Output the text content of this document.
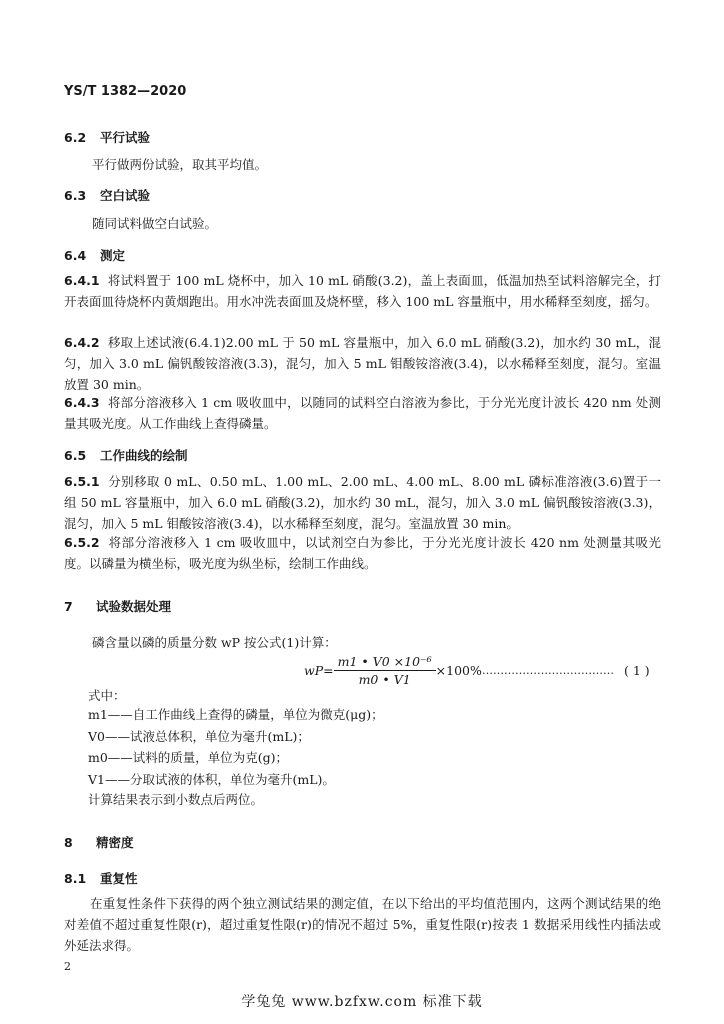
YS/T 1382—2020
6.2 平行试验
平行做两份试验，取其平均值。
6.3 空白试验
随同试料做空白试验。
6.4 测定
6.4.1 将试料置于 100 mL 烧杯中，加入 10 mL 硝酸(3.2)，盖上表面皿，低温加热至试料溶解完全，打开表面皿待烧杯内黄烟跑出。用水冲洗表面皿及烧杯壁，移入 100 mL 容量瓶中，用水稀释至刻度，摇匀。
6.4.2 移取上述试液(6.4.1)2.00 mL 于 50 mL 容量瓶中，加入 6.0 mL 硝酸(3.2)，加水约 30 mL，混匀，加入 3.0 mL 偏钒酸铵溶液(3.3)，混匀，加入 5 mL 钼酸铵溶液(3.4)，以水稀释至刻度，混匀。室温放置 30 min。
6.4.3 将部分溶液移入 1 cm 吸收皿中，以随同的试料空白溶液为参比，于分光光度计波长 420 nm 处测量其吸光度。从工作曲线上查得磷量。
6.5 工作曲线的绘制
6.5.1 分别移取 0 mL、0.50 mL、1.00 mL、2.00 mL、4.00 mL、8.00 mL 磷标准溶液(3.6)置于一组 50 mL 容量瓶中，加入 6.0 mL 硝酸(3.2)，加水约 30 mL，混匀，加入 3.0 mL 偏钒酸铵溶液(3.3)，混匀，加入 5 mL 钼酸铵溶液(3.4)，以水稀释至刻度，混匀。室温放置 30 min。
6.5.2 将部分溶液移入 1 cm 吸收皿中，以试剂空白为参比，于分光光度计波长 420 nm 处测量其吸光度。以磷量为横坐标，吸光度为纵坐标，绘制工作曲线。
7 试验数据处理
磷含量以磷的质量分数 wP 按公式(1)计算：
$wP= \frac{\text{m1 • V0 ×10⁻⁶}}{m0 • V1} \times 100\%$ ……………………………… ( 1 )
式中：
m1——自工作曲线上查得的磷量，单位为微克(μg)；
V0——试液总体积，单位为毫升(mL)；
m0——试料的质量，单位为克(g)；
V1——分取试液的体积，单位为毫升(mL)。
计算结果表示到小数点后两位。
8 精密度
8.1 重复性
在重复性条件下获得的两个独立测试结果的测定值，在以下给出的平均值范围内，这两个测试结果的绝对差值不超过重复性限(r)，超过重复性限(r)的情况不超过 5%，重复性限(r)按表 1 数据采用线性内插法或外延法求得。
2
学兔兔 www.bzfxw.com 标准下载
